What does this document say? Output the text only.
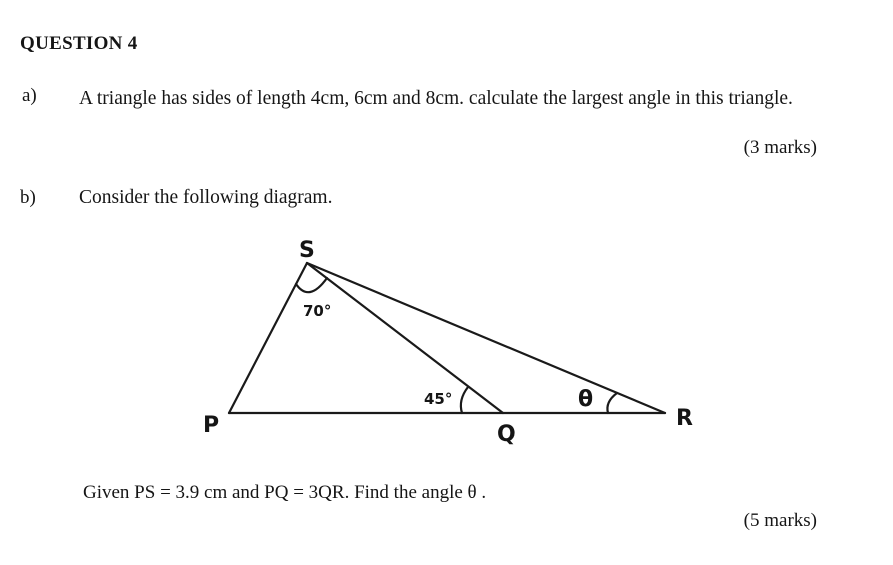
QUESTION 4
a) A triangle has sides of length 4cm, 6cm and 8cm. calculate the largest angle in this triangle.
(3 marks)
b) Consider the following diagram.
S
P	Q
R
70°
45°	θ
Given PS = 3.9 cm and PQ = 3QR. Find the angle θ .
(5 marks)
